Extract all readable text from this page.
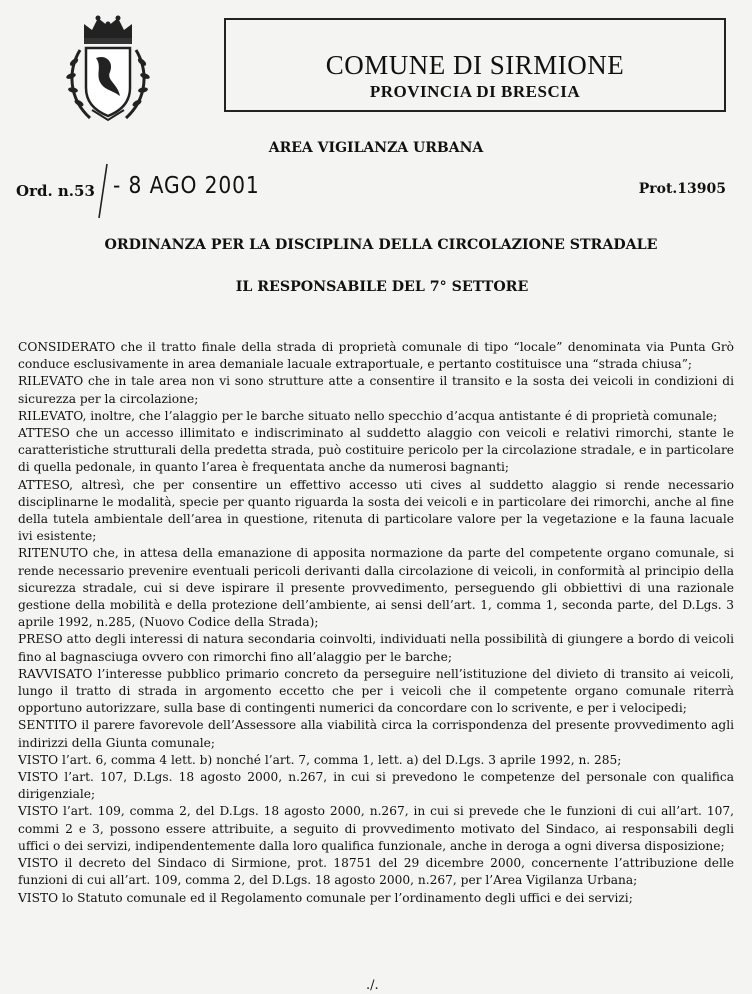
COMUNE DI SIRMIONE
PROVINCIA DI BRESCIA
AREA VIGILANZA URBANA
Ord. n.53 - 8 AGO 2001	Prot.13905
ORDINANZA PER LA DISCIPLINA DELLA CIRCOLAZIONE STRADALE
IL RESPONSABILE DEL 7° SETTORE

CONSIDERATO che il tratto finale della strada di proprietà comunale di tipo “locale” denominata via Punta Grò conduce esclusivamente in area demaniale lacuale extraportuale, e pertanto costituisce una “strada chiusa”;

RILEVATO che in tale area non vi sono strutture atte a consentire il transito e la sosta dei veicoli in condizioni di sicurezza per la circolazione;

RILEVATO, inoltre, che l’alaggio per le barche situato nello specchio d’acqua antistante é di proprietà comunale;

ATTESO che un accesso illimitato e indiscriminato al suddetto alaggio con veicoli e relativi rimorchi, stante le caratteristiche strutturali della predetta strada, può costituire pericolo per la circolazione stradale, e in particolare di quella pedonale, in quanto l’area è frequentata anche da numerosi bagnanti;

ATTESO, altresì, che per consentire un effettivo accesso uti cives al suddetto alaggio si rende necessario disciplinarne le modalità, specie per quanto riguarda la sosta dei veicoli e in particolare dei rimorchi, anche al fine della tutela ambientale dell’area in questione, ritenuta di particolare valore per la vegetazione e la fauna lacuale ivi esistente;

RITENUTO che, in attesa della emanazione di apposita normazione da parte del competente organo comunale, si rende necessario prevenire eventuali pericoli derivanti dalla circolazione di veicoli, in conformità al principio della sicurezza stradale, cui si deve ispirare il presente provvedimento, perseguendo gli obbiettivi di una razionale gestione della mobilità e della protezione dell’ambiente, ai sensi dell’art. 1, comma 1, seconda parte, del D.Lgs. 3 aprile 1992, n.285, (Nuovo Codice della Strada);

PRESO atto degli interessi di natura secondaria coinvolti, individuati nella possibilità di giungere a bordo di veicoli fino al bagnasciuga ovvero con rimorchi fino all’alaggio per le barche;

RAVVISATO l’interesse pubblico primario concreto da perseguire nell’istituzione del divieto di transito ai veicoli, lungo il tratto di strada in argomento eccetto che per i veicoli che il competente organo comunale riterrà opportuno autorizzare, sulla base di contingenti numerici da concordare con lo scrivente, e per i velocipedi;

SENTITO il parere favorevole dell’Assessore alla viabilità circa la corrispondenza del presente provvedimento agli indirizzi della Giunta comunale;

VISTO l’art. 6, comma 4 lett. b) nonché l’art. 7, comma 1, lett. a) del D.Lgs. 3 aprile 1992, n. 285;

VISTO l’art. 107, D.Lgs. 18 agosto 2000, n.267, in cui si prevedono le competenze del personale con qualifica dirigenziale;

VISTO l’art. 109, comma 2, del D.Lgs. 18 agosto 2000, n.267, in cui si prevede che le funzioni di cui all’art. 107, commi 2 e 3, possono essere attribuite, a seguito di provvedimento motivato del Sindaco, ai responsabili degli uffici o dei servizi, indipendentemente dalla loro qualifica funzionale, anche in deroga a ogni diversa disposizione;

VISTO il decreto del Sindaco di Sirmione, prot. 18751 del 29 dicembre 2000, concernente l’attribuzione delle funzioni di cui all’art. 109, comma 2, del D.Lgs. 18 agosto 2000, n.267, per l’Area Vigilanza Urbana;

VISTO lo Statuto comunale ed il Regolamento comunale per l’ordinamento degli uffici e dei servizi;

./.
